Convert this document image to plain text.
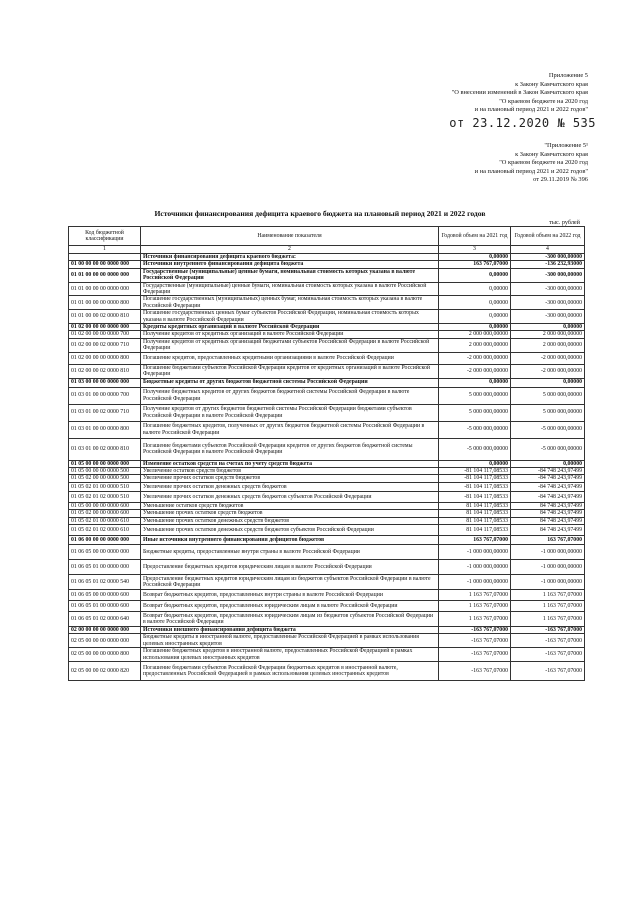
Приложение 5
к Закону Камчатского края
"О внесении изменений в Закон Камчатского края
"О краевом бюджете на 2020 год
и на плановый период 2021 и 2022 годов"
от 23.12.2020 № 535
"Приложение 5¹
к Закону Камчатского края
"О краевом бюджете на 2020 год
и на плановый период 2021 и 2022 годов"
от 29.11.2019 № 396
Источники финансирования дефицита краевого бюджета на плановый период 2021 и 2022 годов
тыс. рублей
Код бюджетной классификации	Наименование показателя	Годовой объем на 2021 год	Годовой объем на 2022 год
1	2	3	4
	Источники финансирования дефицита краевого бюджета:	0,00000	-300 000,00000
01 00 00 00 00 0000 000	Источники внутреннего финансирования дефицита бюджета	163 767,07000	-136 232,93000
01 01 00 00 00 0000 000	Государственные (муниципальные) ценные бумаги, номинальная стоимость которых указана в валюте Российской Федерации	0,00000	-300 000,00000
01 01 00 00 00 0000 000	Государственные (муниципальные) ценные бумаги, номинальная стоимость которых указана в валюте Российской Федерации	0,00000	-300 000,00000
01 01 00 00 00 0000 800	Погашение государственных (муниципальных) ценных бумаг, номинальная стоимость которых указана в валюте Российской Федерации	0,00000	-300 000,00000
01 01 00 00 02 0000 810	Погашение государственных ценных бумаг субъектов Российской Федерации, номинальная стоимость которых указана в валюте Российской Федерации	0,00000	-300 000,00000
01 02 00 00 00 0000 000	Кредиты кредитных организаций в валюте Российской Федерации	0,00000	0,00000
01 02 00 00 00 0000 700	Получение кредитов от кредитных организаций в валюте Российской Федерации	2 000 000,00000	2 000 000,00000
01 02 00 00 02 0000 710	Получение кредитов от кредитных организаций бюджетами субъектов Российской Федерации в валюте Российской Федерации	2 000 000,00000	2 000 000,00000
01 02 00 00 00 0000 800	Погашение кредитов, предоставленных кредитными организациями в валюте Российской Федерации	-2 000 000,00000	-2 000 000,00000
01 02 00 00 02 0000 810	Погашение бюджетами субъектов Российской Федерации кредитов от кредитных организаций в валюте Российской Федерации	-2 000 000,00000	-2 000 000,00000
01 03 00 00 00 0000 000	Бюджетные кредиты от других бюджетов бюджетной системы Российской Федерации	0,00000	0,00000
01 03 01 00 00 0000 700	Получение бюджетных кредитов от других бюджетов бюджетной системы Российской Федерации в валюте Российской Федерации	5 000 000,00000	5 000 000,00000
01 03 01 00 02 0000 710	Получение кредитов от других бюджетов бюджетной системы Российской Федерации бюджетами субъектов Российской Федерации в валюте Российской Федерации	5 000 000,00000	5 000 000,00000
01 03 01 00 00 0000 800	Погашение бюджетных кредитов, полученных от других бюджетов бюджетной системы Российской Федерации в валюте Российской Федерации	-5 000 000,00000	-5 000 000,00000
01 03 01 00 02 0000 810	Погашение бюджетами субъектов Российской Федерации кредитов от других бюджетов бюджетной системы Российской Федерации в валюте Российской Федерации	-5 000 000,00000	-5 000 000,00000
01 05 00 00 00 0000 000	Изменение остатков средств на счетах по учету средств бюджета	0,00000	0,00000
01 05 00 00 00 0000 500	Увеличение остатков средств бюджетов	-81 104 117,08533	-84 748 243,97499
01 05 02 00 00 0000 500	Увеличение прочих остатков средств бюджетов	-81 104 117,08533	-84 748 243,97499
01 05 02 01 00 0000 510	Увеличение прочих остатков денежных средств бюджетов	-81 104 117,08533	-84 748 243,97499
01 05 02 01 02 0000 510	Увеличение прочих остатков денежных средств бюджетов субъектов Российской Федерации	-81 104 117,08533	-84 748 243,97499
01 05 00 00 00 0000 600	Уменьшение остатков средств бюджетов	81 104 117,08533	84 748 243,97499
01 05 02 00 00 0000 600	Уменьшение прочих остатков средств бюджетов	81 104 117,08533	84 748 243,97499
01 05 02 01 00 0000 610	Уменьшение прочих остатков денежных средств бюджетов	81 104 117,08533	84 748 243,97499
01 05 02 01 02 0000 610	Уменьшение прочих остатков денежных средств бюджетов субъектов Российской Федерации	81 104 117,08533	84 748 243,97499
01 06 00 00 00 0000 000	Иные источники внутреннего финансирования дефицитов бюджетов	163 767,07000	163 767,07000
01 06 05 00 00 0000 000	Бюджетные кредиты, предоставленные внутри страны в валюте Российской Федерации	-1 000 000,00000	-1 000 000,00000
01 06 05 01 00 0000 000	Предоставление бюджетных кредитов юридическим лицам в валюте Российской Федерации	-1 000 000,00000	-1 000 000,00000
01 06 05 01 02 0000 540	Предоставление бюджетных кредитов юридическим лицам из бюджетов субъектов Российской Федерации в валюте Российской Федерации	-1 000 000,00000	-1 000 000,00000
01 06 05 00 00 0000 600	Возврат бюджетных кредитов, предоставленных внутри страны в валюте Российской Федерации	1 163 767,07000	1 163 767,07000
01 06 05 01 00 0000 600	Возврат бюджетных кредитов, предоставленных юридическим лицам в валюте Российской Федерации	1 163 767,07000	1 163 767,07000
01 06 05 01 02 0000 640	Возврат бюджетных кредитов, предоставленных юридическим лицам из бюджетов субъектов Российской Федерации в валюте Российской Федерации	1 163 767,07000	1 163 767,07000
02 00 00 00 00 0000 000	Источники внешнего финансирования дефицита бюджета	-163 767,07000	-163 767,07000
02 05 00 00 00 0000 000	Бюджетные кредиты в иностранной валюте, предоставленные Российской Федерацией в рамках использования целевых иностранных кредитов	-163 767,07000	-163 767,07000
02 05 00 00 00 0000 800	Погашение бюджетных кредитов в иностранной валюте, предоставленных Российской Федерацией в рамках использования целевых иностранных кредитов	-163 767,07000	-163 767,07000
02 05 00 00 02 0000 820	Погашение бюджетами субъектов Российской Федерации бюджетных кредитов в иностранной валюте, предоставленных Российской Федерацией в рамках использования целевых иностранных кредитов	-163 767,07000	-163 767,07000
